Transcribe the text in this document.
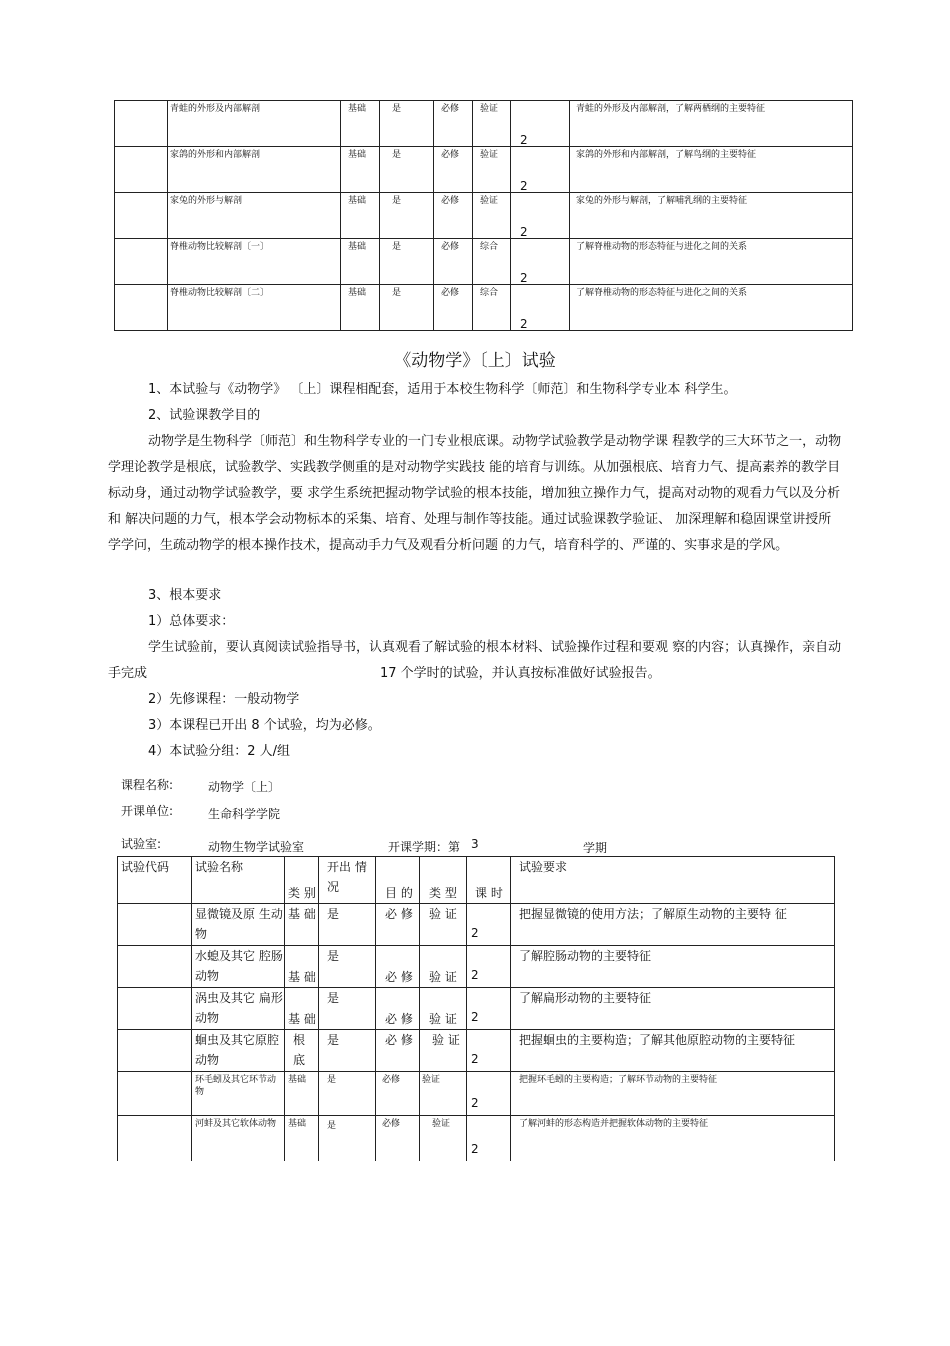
	青蛙的外形及内部解剖	基础	是	必修	验证	2	青蛙的外形及内部解剖，了解两栖纲的主要特征
	家鸽的外形和内部解剖	基础	是	必修	验证	2	家鸽的外形和内部解剖，了解鸟纲的主要特征
	家兔的外形与解剖	基础	是	必修	验证	2	家兔的外形与解剖，了解哺乳纲的主要特征
	脊椎动物比较解剖〔一〕	基础	是	必修	综合	2	了解脊椎动物的形态特征与进化之间的关系
	脊椎动物比较解剖〔二〕	基础	是	必修	综合	2	了解脊椎动物的形态特征与进化之间的关系
《动物学》〔上〕试验
1、本试验与《动物学》 〔上〕课程相配套，适用于本校生物科学〔师范〕和生物科学专业本 科学生。
2、试验课教学目的
动物学是生物科学〔师范〕和生物科学专业的一门专业根底课。动物学试验教学是动物学课 程教学的三大环节之一，动物学理论教学是根底，试验教学、实践教学侧重的是对动物学实践技 能的培育与训练。从加强根底、培育力气、提高素养的教学目标动身，通过动物学试验教学，要 求学生系统把握动物学试验的根本技能，增加独立操作力气，提高对动物的观看力气以及分析和 解决问题的力气，根本学会动物标本的采集、培育、处理与制作等技能。通过试验课教学验证、 加深理解和稳固课堂讲授所学学问，生疏动物学的根本操作技术，提高动手力气及观看分析问题 的力气，培育科学的、严谨的、实事求是的学风。
3、根本要求
1）总体要求：
学生试验前，要认真阅读试验指导书，认真观看了解试验的根本材料、试验操作过程和要观 察的内容；认真操作，亲自动手完成	17 个学时的试验，并认真按标准做好试验报告。
2）先修课程：一般动物学
3）本课程已开出 8 个试验，均为必修。
4）本试验分组：2 人/组
课程名称:	动物学〔上〕
开课单位:	生命科学学院
试验室:	动物生物学试验室	开课学期：第 3	学期
试验代码	试验名称	类 别	开出 情况	目 的	类 型	课 时	试验要求
	显微镜及原 生动物	基 础	是	必 修	验 证	2	把握显微镜的使用方法；了解原生动物的主要特 征
	水螅及其它 腔肠动物	基 础	是	必 修	验 证	2	了解腔肠动物的主要特征
	涡虫及其它 扁形动物	基 础	是	必 修	验 证	2	了解扁形动物的主要特征
	蛔虫及其它原腔动物	根 底	是	必 修	验 证	2	把握蛔虫的主要构造；了解其他原腔动物的主要特征
	环毛蚓及其它环节动物	基础	是	必修	验证	2	把握环毛蚓的主要构造；了解环节动物的主要特征
	河蚌及其它软体动物	基础	是	必修	验证	2	了解河蚌的形态构造并把握软体动物的主要特征
